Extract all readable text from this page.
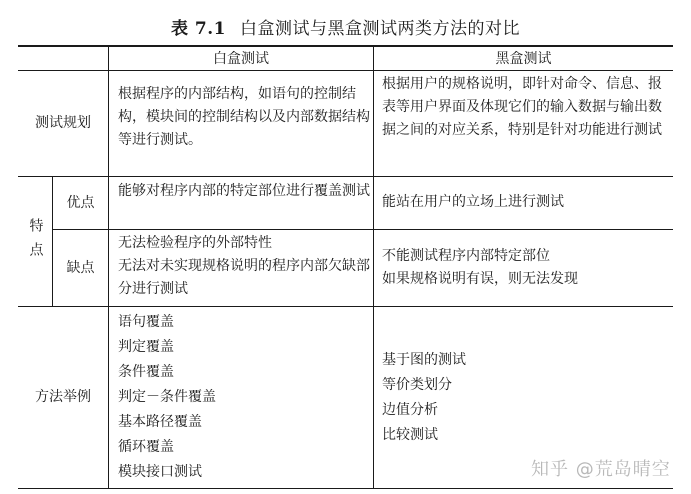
表 7.1 白盒测试与黑盒测试两类方法的对比
白盒测试	黑盒测试
测试规划
根据程序的内部结构，如语句的控制结构，模块间的控制结构以及内部数据结构等进行测试。
根据用户的规格说明，即针对命令、信息、报表等用户界面及体现它们的输入数据与输出数据之间的对应关系，特别是针对功能进行测试
特点
优点
能够对程序内部的特定部位进行覆盖测试
能站在用户的立场上进行测试
缺点
无法检验程序的外部特性
无法对未实现规格说明的程序内部欠缺部分进行测试
不能测试程序内部特定部位
如果规格说明有误，则无法发现
方法举例
语句覆盖
判定覆盖
条件覆盖
判定－条件覆盖
基本路径覆盖
循环覆盖
模块接口测试
基于图的测试
等价类划分
边值分析
比较测试
知乎 @荒岛晴空
